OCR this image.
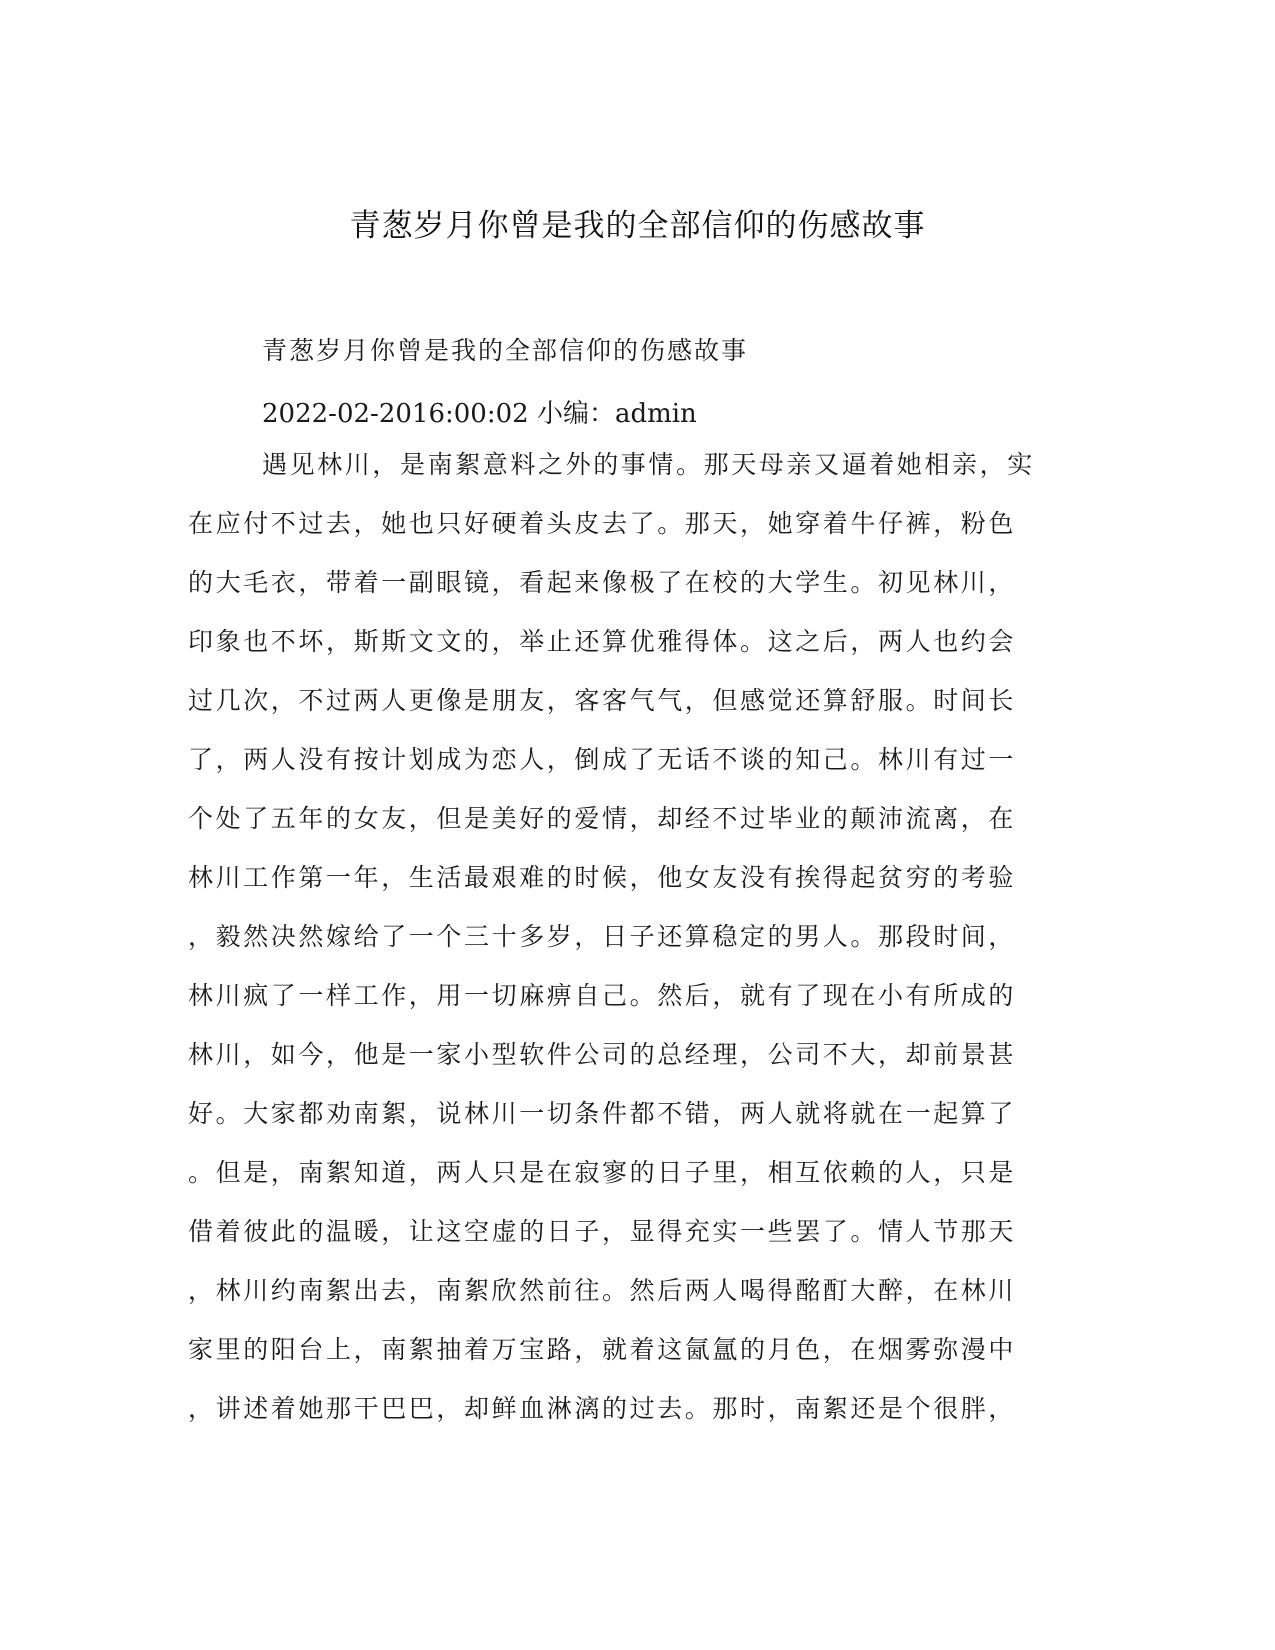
青葱岁月你曾是我的全部信仰的伤感故事

青葱岁月你曾是我的全部信仰的伤感故事

2022-02-2016:00:02 小编：admin

遇见林川，是南絮意料之外的事情。那天母亲又逼着她相亲，实

在应付不过去，她也只好硬着头皮去了。那天，她穿着牛仔裤，粉色

的大毛衣，带着一副眼镜，看起来像极了在校的大学生。初见林川，

印象也不坏，斯斯文文的，举止还算优雅得体。这之后，两人也约会

过几次，不过两人更像是朋友，客客气气，但感觉还算舒服。时间长

了，两人没有按计划成为恋人，倒成了无话不谈的知己。林川有过一

个处了五年的女友，但是美好的爱情，却经不过毕业的颠沛流离，在

林川工作第一年，生活最艰难的时候，他女友没有挨得起贫穷的考验

，毅然决然嫁给了一个三十多岁，日子还算稳定的男人。那段时间，

林川疯了一样工作，用一切麻痹自己。然后，就有了现在小有所成的

林川，如今，他是一家小型软件公司的总经理，公司不大，却前景甚

好。大家都劝南絮，说林川一切条件都不错，两人就将就在一起算了

。但是，南絮知道，两人只是在寂寥的日子里，相互依赖的人，只是

借着彼此的温暖，让这空虚的日子，显得充实一些罢了。情人节那天

，林川约南絮出去，南絮欣然前往。然后两人喝得酩酊大醉，在林川

家里的阳台上，南絮抽着万宝路，就着这氤氲的月色，在烟雾弥漫中

，讲述着她那干巴巴，却鲜血淋漓的过去。那时，南絮还是个很胖，
